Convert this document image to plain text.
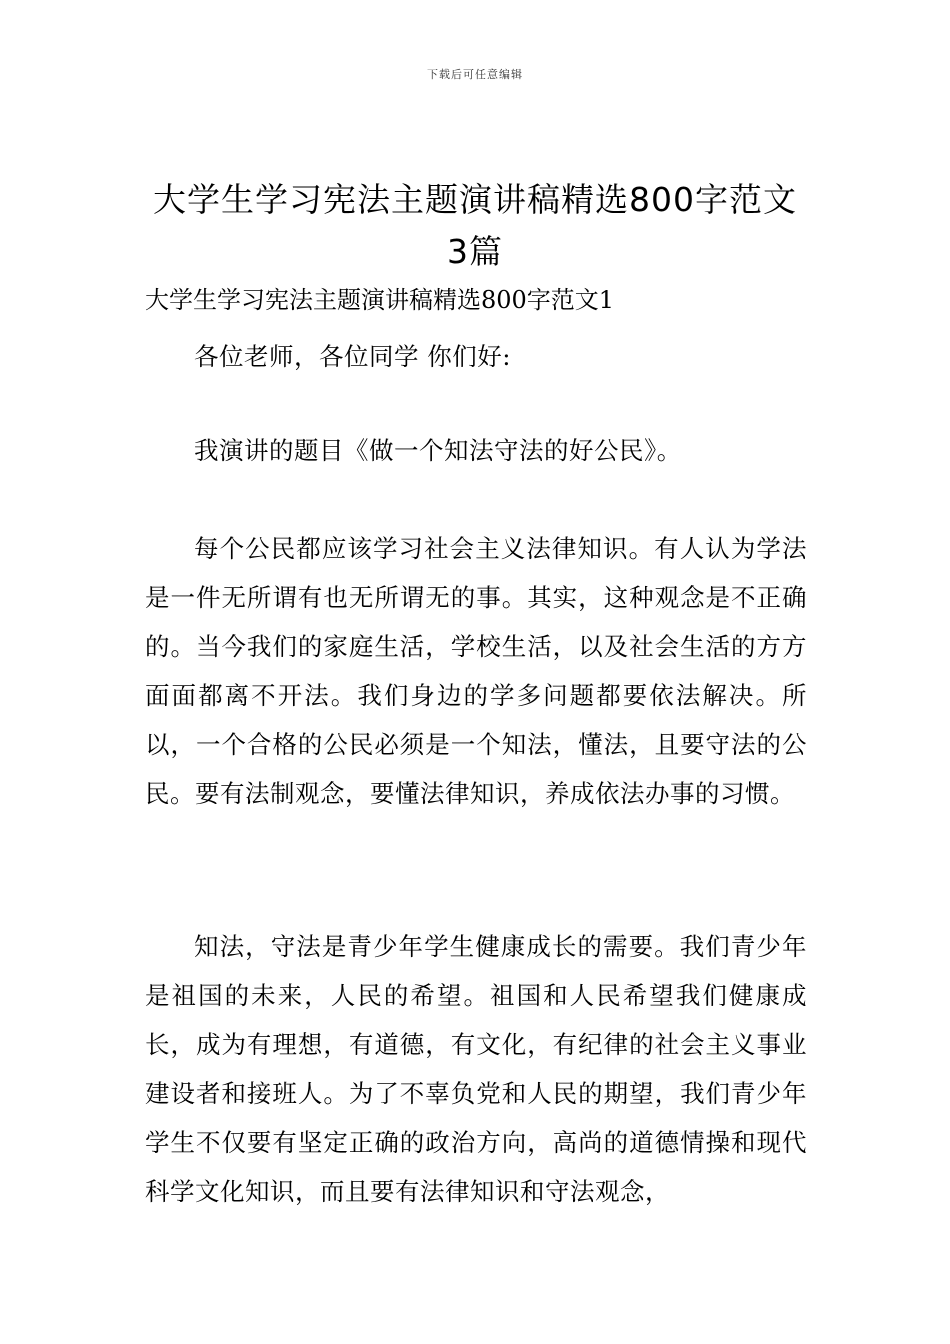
下载后可任意编辑
大学生学习宪法主题演讲稿精选800字范文3篇
大学生学习宪法主题演讲稿精选800字范文1

各位老师，各位同学 你们好:

我演讲的题目《做一个知法守法的好公民》。

每个公民都应该学习社会主义法律知识。有人认为学法是一件无所谓有也无所谓无的事。其实，这种观念是不正确的。当今我们的家庭生活，学校生活，以及社会生活的方方面面都离不开法。我们身边的学多问题都要依法解决。所以，一个合格的公民必须是一个知法，懂法，且要守法的公民。要有法制观念，要懂法律知识，养成依法办事的习惯。

知法，守法是青少年学生健康成长的需要。我们青少年是祖国的未来，人民的希望。祖国和人民希望我们健康成长，成为有理想，有道德，有文化，有纪律的社会主义事业建设者和接班人。为了不辜负党和人民的期望，我们青少年学生不仅要有坚定正确的政治方向，高尚的道德情操和现代科学文化知识，而且要有法律知识和守法观念，
